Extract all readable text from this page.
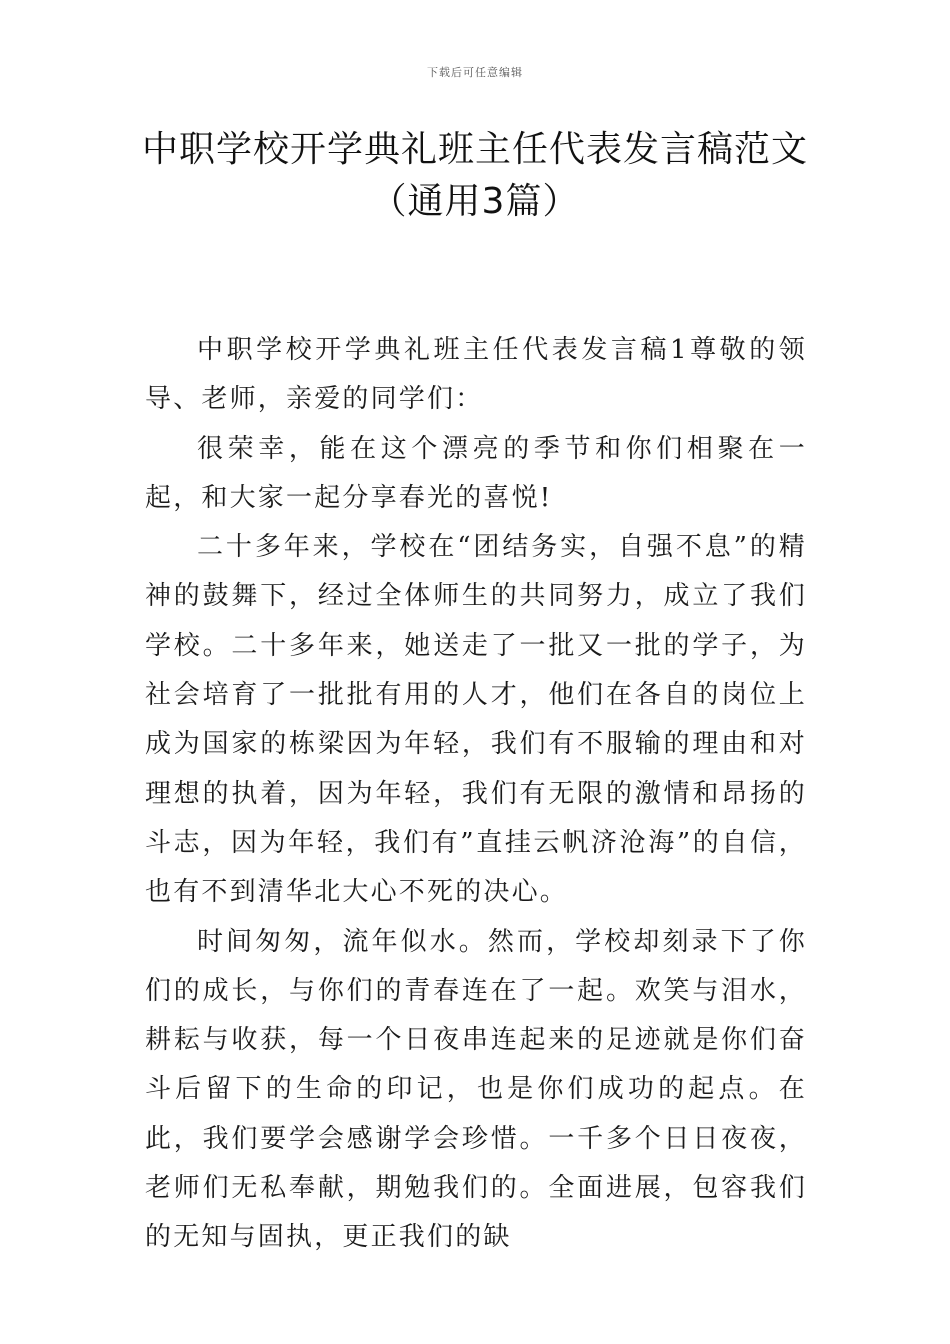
下载后可任意编辑
中职学校开学典礼班主任代表发言稿范文
（通用3篇）

中职学校开学典礼班主任代表发言稿1尊敬的领导、老师，亲爱的同学们：

很荣幸，能在这个漂亮的季节和你们相聚在一起，和大家一起分享春光的喜悦!

二十多年来，学校在“团结务实，自强不息”的精神的鼓舞下，经过全体师生的共同努力，成立了我们学校。二十多年来，她送走了一批又一批的学子，为社会培育了一批批有用的人才，他们在各自的岗位上成为国家的栋梁因为年轻，我们有不服输的理由和对理想的执着，因为年轻，我们有无限的激情和昂扬的斗志，因为年轻，我们有”直挂云帆济沧海”的自信，也有不到清华北大心不死的决心。

时间匆匆，流年似水。然而，学校却刻录下了你们的成长，与你们的青春连在了一起。欢笑与泪水，耕耘与收获，每一个日夜串连起来的足迹就是你们奋斗后留下的生命的印记，也是你们成功的起点。在此，我们要学会感谢学会珍惜。一千多个日日夜夜，老师们无私奉献，期勉我们的。全面进展，包容我们的无知与固执，更正我们的缺
